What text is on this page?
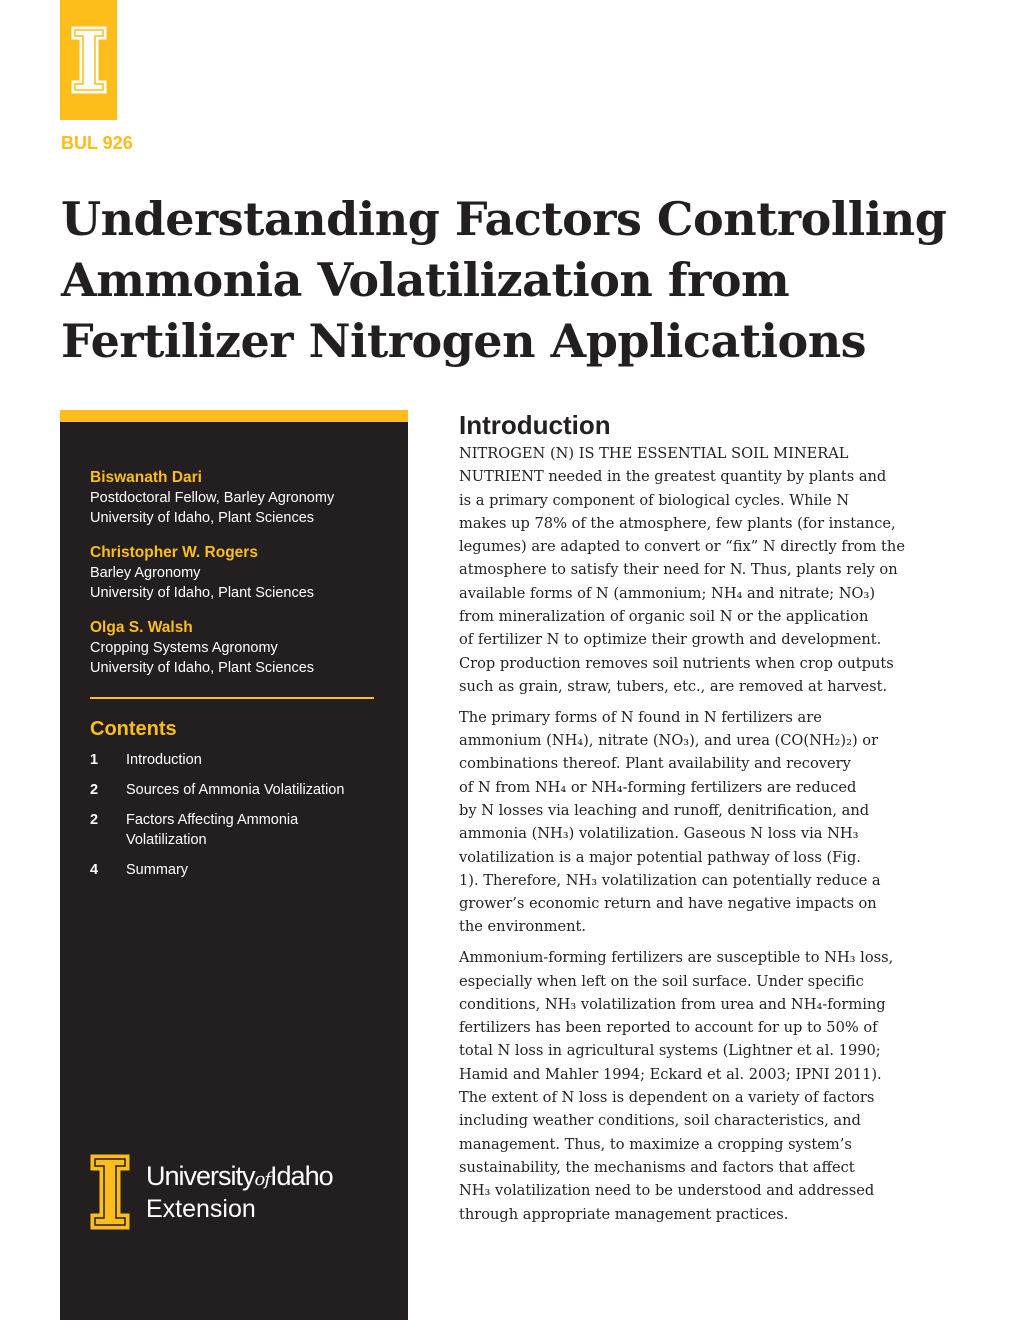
BUL 926
Understanding Factors Controlling
Ammonia Volatilization from
Fertilizer Nitrogen Applications
Biswanath Dari
Postdoctoral Fellow, Barley Agronomy
University of Idaho, Plant Sciences
Christopher W. Rogers
Barley Agronomy
University of Idaho, Plant Sciences
Olga S. Walsh
Cropping Systems Agronomy
University of Idaho, Plant Sciences
Contents
1	Introduction
2	Sources of Ammonia Volatilization
2	Factors Affecting Ammonia Volatilization
4	Summary
UniversityofIdaho
Extension
Introduction

NITROGEN (N) IS THE ESSENTIAL SOIL MINERAL
NUTRIENT needed in the greatest quantity by plants and
is a primary component of biological cycles. While N
makes up 78% of the atmosphere, few plants (for instance,
legumes) are adapted to convert or “fix” N directly from the
atmosphere to satisfy their need for N. Thus, plants rely on
available forms of N (ammonium; NH₄ and nitrate; NO₃)
from mineralization of organic soil N or the application
of fertilizer N to optimize their growth and development.
Crop production removes soil nutrients when crop outputs
such as grain, straw, tubers, etc., are removed at harvest.

The primary forms of N found in N fertilizers are
ammonium (NH₄), nitrate (NO₃), and urea (CO(NH₂)₂) or
combinations thereof. Plant availability and recovery
of N from NH₄ or NH₄-forming fertilizers are reduced
by N losses via leaching and runoff, denitrification, and
ammonia (NH₃) volatilization. Gaseous N loss via NH₃
volatilization is a major potential pathway of loss (Fig.
1). Therefore, NH₃ volatilization can potentially reduce a
grower’s economic return and have negative impacts on
the environment.

Ammonium-forming fertilizers are susceptible to NH₃ loss,
especially when left on the soil surface. Under specific
conditions, NH₃ volatilization from urea and NH₄-forming
fertilizers has been reported to account for up to 50% of
total N loss in agricultural systems (Lightner et al. 1990;
Hamid and Mahler 1994; Eckard et al. 2003; IPNI 2011).
The extent of N loss is dependent on a variety of factors
including weather conditions, soil characteristics, and
management. Thus, to maximize a cropping system’s
sustainability, the mechanisms and factors that affect
NH₃ volatilization need to be understood and addressed
through appropriate management practices.
